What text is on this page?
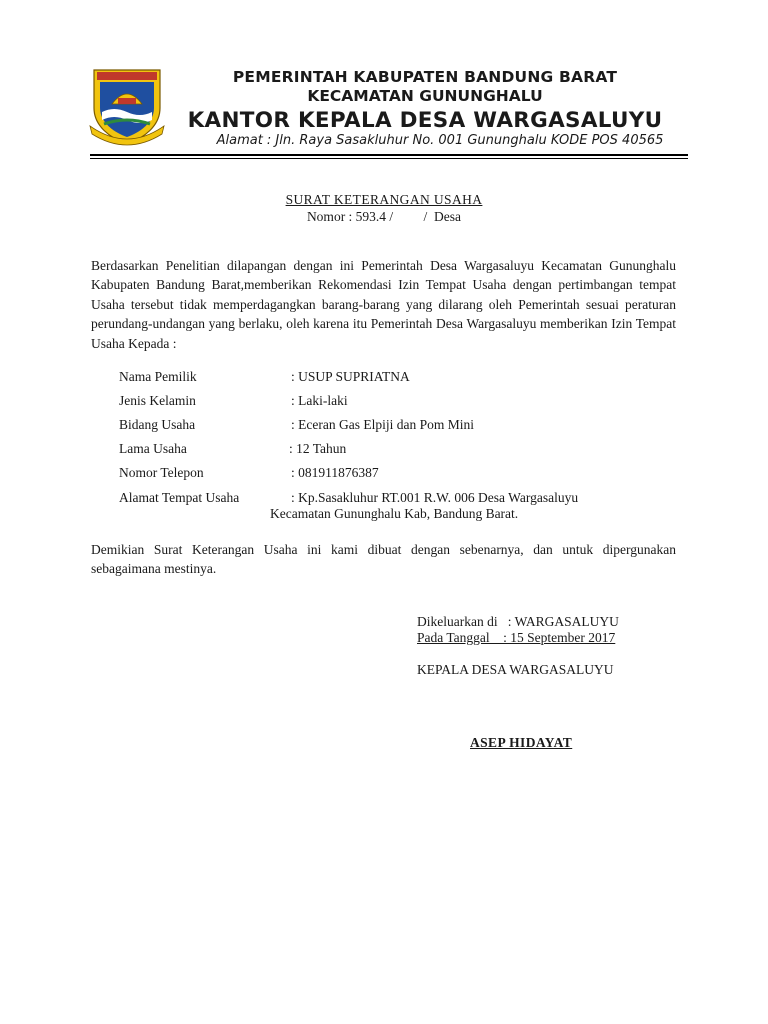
PEMERINTAH KABUPATEN BANDUNG BARAT
KECAMATAN GUNUNGHALU
KANTOR KEPALA DESA WARGASALUYU
Alamat : Jln. Raya Sasakluhur No. 001 Gununghalu KODE POS 40565
SURAT KETERANGAN USAHA
Nomor : 593.4 /         /  Desa
Berdasarkan Penelitian dilapangan dengan ini Pemerintah Desa Wargasaluyu Kecamatan Gununghalu Kabupaten Bandung Barat,memberikan Rekomendasi Izin Tempat Usaha dengan pertimbangan tempat Usaha tersebut tidak memperdagangkan barang-barang yang dilarang oleh Pemerintah sesuai peraturan perundang-undangan yang berlaku, oleh karena itu Pemerintah Desa Wargasaluyu memberikan Izin Tempat Usaha Kepada :
Nama Pemilik	: USUP SUPRIATNA
Jenis Kelamin	: Laki-laki
Bidang Usaha	: Eceran Gas Elpiji dan Pom Mini
Lama Usaha	: 12 Tahun
Nomor Telepon	: 081911876387
Alamat Tempat Usaha	: Kp.Sasakluhur RT.001 R.W. 006 Desa Wargasaluyu
Kecamatan Gununghalu Kab, Bandung Barat.
Demikian Surat Keterangan Usaha ini kami dibuat dengan sebenarnya, dan untuk dipergunakan sebagaimana mestinya.
Dikeluarkan di   : WARGASALUYU
Pada Tanggal    : 15 September 2017
KEPALA DESA WARGASALUYU
ASEP HIDAYAT
